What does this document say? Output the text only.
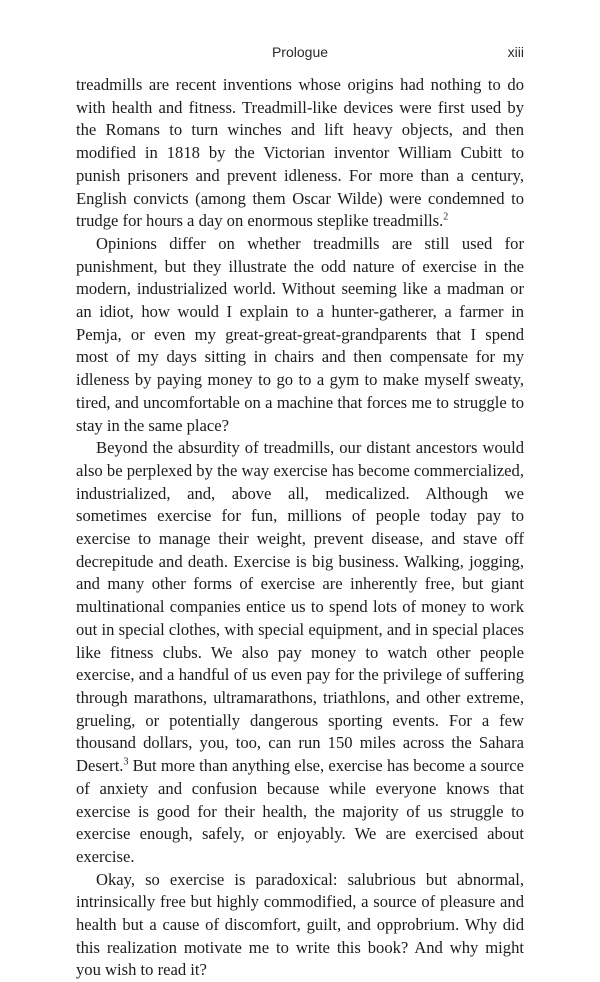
Prologue	xiii

treadmills are recent inventions whose origins had nothing to do with health and fitness. Treadmill-like devices were first used by the Romans to turn winches and lift heavy objects, and then modified in 1818 by the Victorian inventor William Cubitt to punish prisoners and prevent idleness. For more than a century, English convicts (among them Oscar Wilde) were condemned to trudge for hours a day on enormous steplike treadmills.$^2$

Opinions differ on whether treadmills are still used for punishment, but they illustrate the odd nature of exercise in the modern, industrialized world. Without seeming like a madman or an idiot, how would I explain to a hunter-gatherer, a farmer in Pemja, or even my great-great-great-grandparents that I spend most of my days sitting in chairs and then compensate for my idleness by paying money to go to a gym to make myself sweaty, tired, and uncomfortable on a machine that forces me to struggle to stay in the same place?

Beyond the absurdity of treadmills, our distant ancestors would also be perplexed by the way exercise has become commercialized, industrialized, and, above all, medicalized. Although we sometimes exercise for fun, millions of people today pay to exercise to manage their weight, prevent disease, and stave off decrepitude and death. Exercise is big business. Walking, jogging, and many other forms of exercise are inherently free, but giant multinational companies entice us to spend lots of money to work out in special clothes, with special equipment, and in special places like fitness clubs. We also pay money to watch other people exercise, and a handful of us even pay for the privilege of suffering through marathons, ultramarathons, triathlons, and other extreme, grueling, or potentially dangerous sporting events. For a few thousand dollars, you, too, can run 150 miles across the Sahara Desert.$^3$ But more than anything else, exercise has become a source of anxiety and confusion because while everyone knows that exercise is good for their health, the majority of us struggle to exercise enough, safely, or enjoyably. We are exercised about exercise.

Okay, so exercise is paradoxical: salubrious but abnormal, intrinsically free but highly commodified, a source of pleasure and health but a cause of discomfort, guilt, and opprobrium. Why did this realization motivate me to write this book? And why might you wish to read it?
